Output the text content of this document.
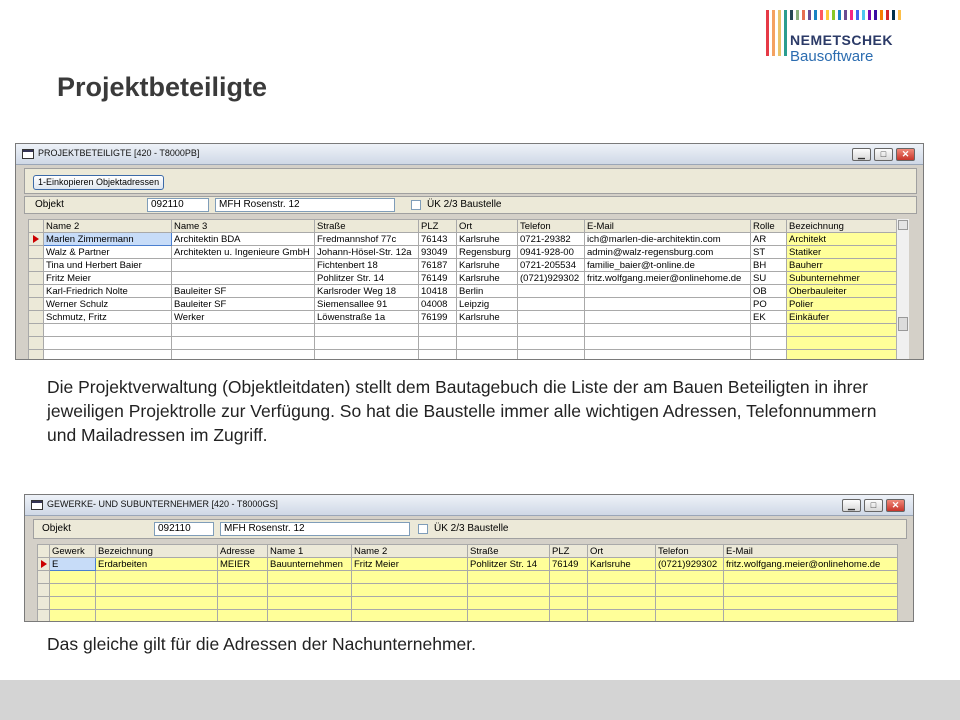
NEMETSCHEK
Bausoftware
Projektbeteiligte
PROJEKTBETEILIGTE [420 - T8000PB]	▁	□	✕
1-Einkopieren Objektadressen
Objekt	092110	MFH Rosenstr. 12	ÜK 2/3 Baustelle
	Name 2	Name 3	Straße	PLZ	Ort	Telefon	E-Mail	Rolle	Bezeichnung
	Marlen Zimmermann	Architektin BDA	Fredmannshof 77c	76143	Karlsruhe	0721-29382	ich@marlen-die-architektin.com	AR	Architekt
	Walz & Partner	Architekten u. Ingenieure GmbH	Johann-Hösel-Str. 12a	93049	Regensburg	0941-928-00	admin@walz-regensburg.com	ST	Statiker
	Tina und Herbert Baier		Fichtenbert 18	76187	Karlsruhe	0721-205534	familie_baier@t-online.de	BH	Bauherr
	Fritz Meier		Pohlitzer Str. 14	76149	Karlsruhe	(0721)929302	fritz.wolfgang.meier@onlinehome.de	SU	Subunternehmer
	Karl-Friedrich Nolte	Bauleiter SF	Karlsroder Weg 18	10418	Berlin			OB	Oberbauleiter
	Werner Schulz	Bauleiter SF	Siemensallee 91	04008	Leipzig			PO	Polier
	Schmutz, Fritz	Werker	Löwenstraße 1a	76199	Karlsruhe			EK	Einkäufer

Die Projektverwaltung (Objektleitdaten) stellt dem Bautagebuch die Liste der am Bauen Beteiligten in ihrer jeweiligen Projektrolle zur Verfügung. So hat die Baustelle immer alle wichtigen Adressen, Telefonnummern und Mailadressen im Zugriff.
GEWERKE- UND SUBUNTERNEHMER [420 - T8000GS]	▁	□	✕
Objekt	092110	MFH Rosenstr. 12	ÜK 2/3 Baustelle
	Gewerk	Bezeichnung	Adresse	Name 1	Name 2	Straße	PLZ	Ort	Telefon	E-Mail
	E	Erdarbeiten	MEIER	Bauunternehmen	Fritz Meier	Pohlitzer Str. 14	76149	Karlsruhe	(0721)929302	fritz.wolfgang.meier@onlinehome.de

Das gleiche gilt für die Adressen der Nachunternehmer.
